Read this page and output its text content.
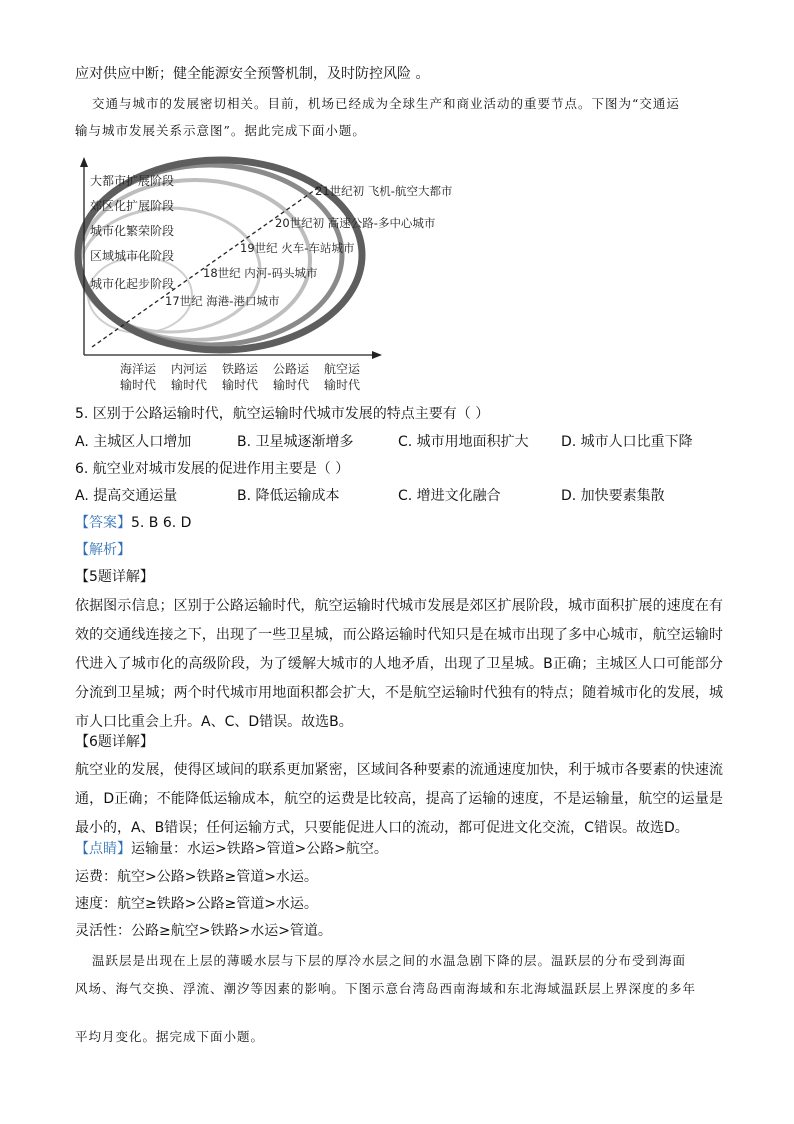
应对供应中断；健全能源安全预警机制，及时防控风险 。
交通与城市的发展密切相关。目前，机场已经成为全球生产和商业活动的重要节点。下图为“交通运
输与城市发展关系示意图”。据此完成下面小题。
大都市扩展阶段
郊区化扩展阶段
城市化繁荣阶段
区域城市化阶段
城市化起步阶段
17世纪 海港-港口城市
18世纪 内河-码头城市
19世纪 火车-车站城市
20世纪初 高速公路-多中心城市
21世纪初 飞机-航空大都市
海洋运
输时代
内河运
输时代
铁路运
输时代
公路运
输时代
航空运
输时代
5. 区别于公路运输时代，航空运输时代城市发展的特点主要有（ ）
A. 主城区人口增加	B. 卫星城逐渐增多	C. 城市用地面积扩大 D. 城市人口比重下降
6. 航空业对城市发展的促进作用主要是（ ）
A. 提高交通运量	B. 降低运输成本	C. 增进文化融合	D. 加快要素集散
【答案】5. B 6. D
【解析】
【5题详解】
依据图示信息；区别于公路运输时代，航空运输时代城市发展是郊区扩展阶段，城市面积扩展的速度在有效的交通线连接之下，出现了一些卫星城，而公路运输时代知只是在城市出现了多中心城市，航空运输时代进入了城市化的高级阶段，为了缓解大城市的人地矛盾，出现了卫星城。B正确；主城区人口可能部分分流到卫星城；两个时代城市用地面积都会扩大，不是航空运输时代独有的特点；随着城市化的发展，城市人口比重会上升。A、C、D错误。故选B。
【6题详解】
航空业的发展，使得区域间的联系更加紧密，区域间各种要素的流通速度加快，利于城市各要素的快速流通，D正确；不能降低运输成本，航空的运费是比较高，提高了运输的速度，不是运输量，航空的运量是最小的，A、B错误；任何运输方式，只要能促进人口的流动，都可促进文化交流，C错误。故选D。
【点睛】运输量：水运>铁路>管道>公路>航空。
运费：航空>公路>铁路≥管道>水运。
速度：航空≥铁路>公路≥管道>水运。
灵活性：公路≥航空>铁路>水运>管道。
温跃层是出现在上层的薄暖水层与下层的厚冷水层之间的水温急剧下降的层。温跃层的分布受到海面
风场、海气交换、浮流、潮汐等因素的影响。下图示意台湾岛西南海域和东北海域温跃层上界深度的多年
平均月变化。据完成下面小题。
